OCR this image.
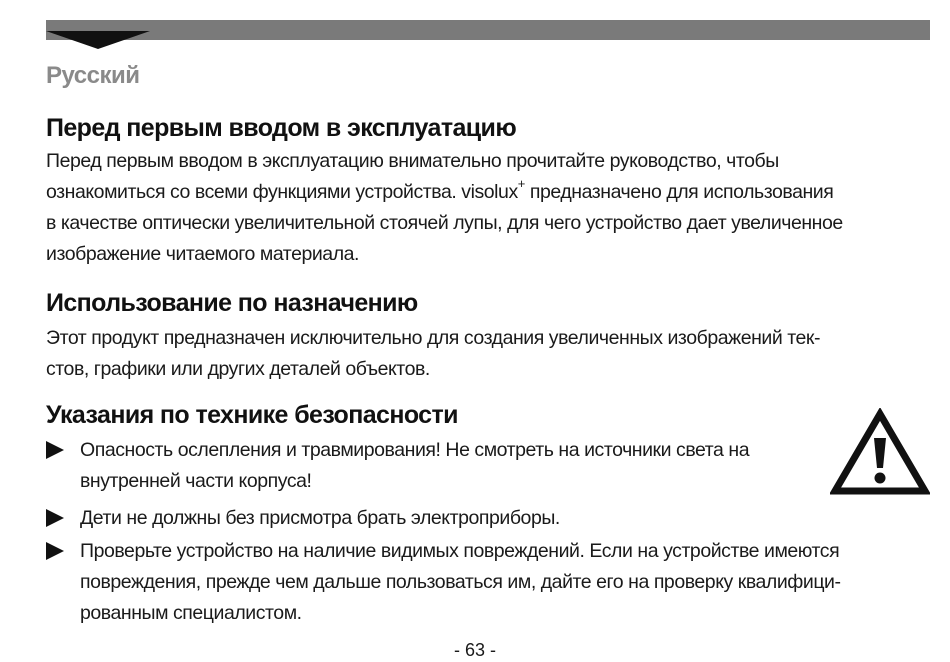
Русский
Перед первым вводом в эксплуатацию
Перед первым вводом в эксплуатацию внимательно прочитайте руководство, чтобы
ознакомиться со всеми функциями устройства. visolux+ предназначено для использования
в качестве оптически увеличительной стоячей лупы, для чего устройство дает увеличенное
изображение читаемого материала.
Использование по назначению
Этот продукт предназначен исключительно для создания увеличенных изображений тек-
стов, графики или других деталей объектов.
Указания по технике безопасности
Опасность ослепления и травмирования! Не смотреть на источники света на
внутренней части корпуса!
Дети не должны без присмотра брать электроприборы.
Проверьте устройство на наличие видимых повреждений. Если на устройстве имеются
повреждения, прежде чем дальше пользоваться им, дайте его на проверку квалифици-
рованным специалистом.
- 63 -
